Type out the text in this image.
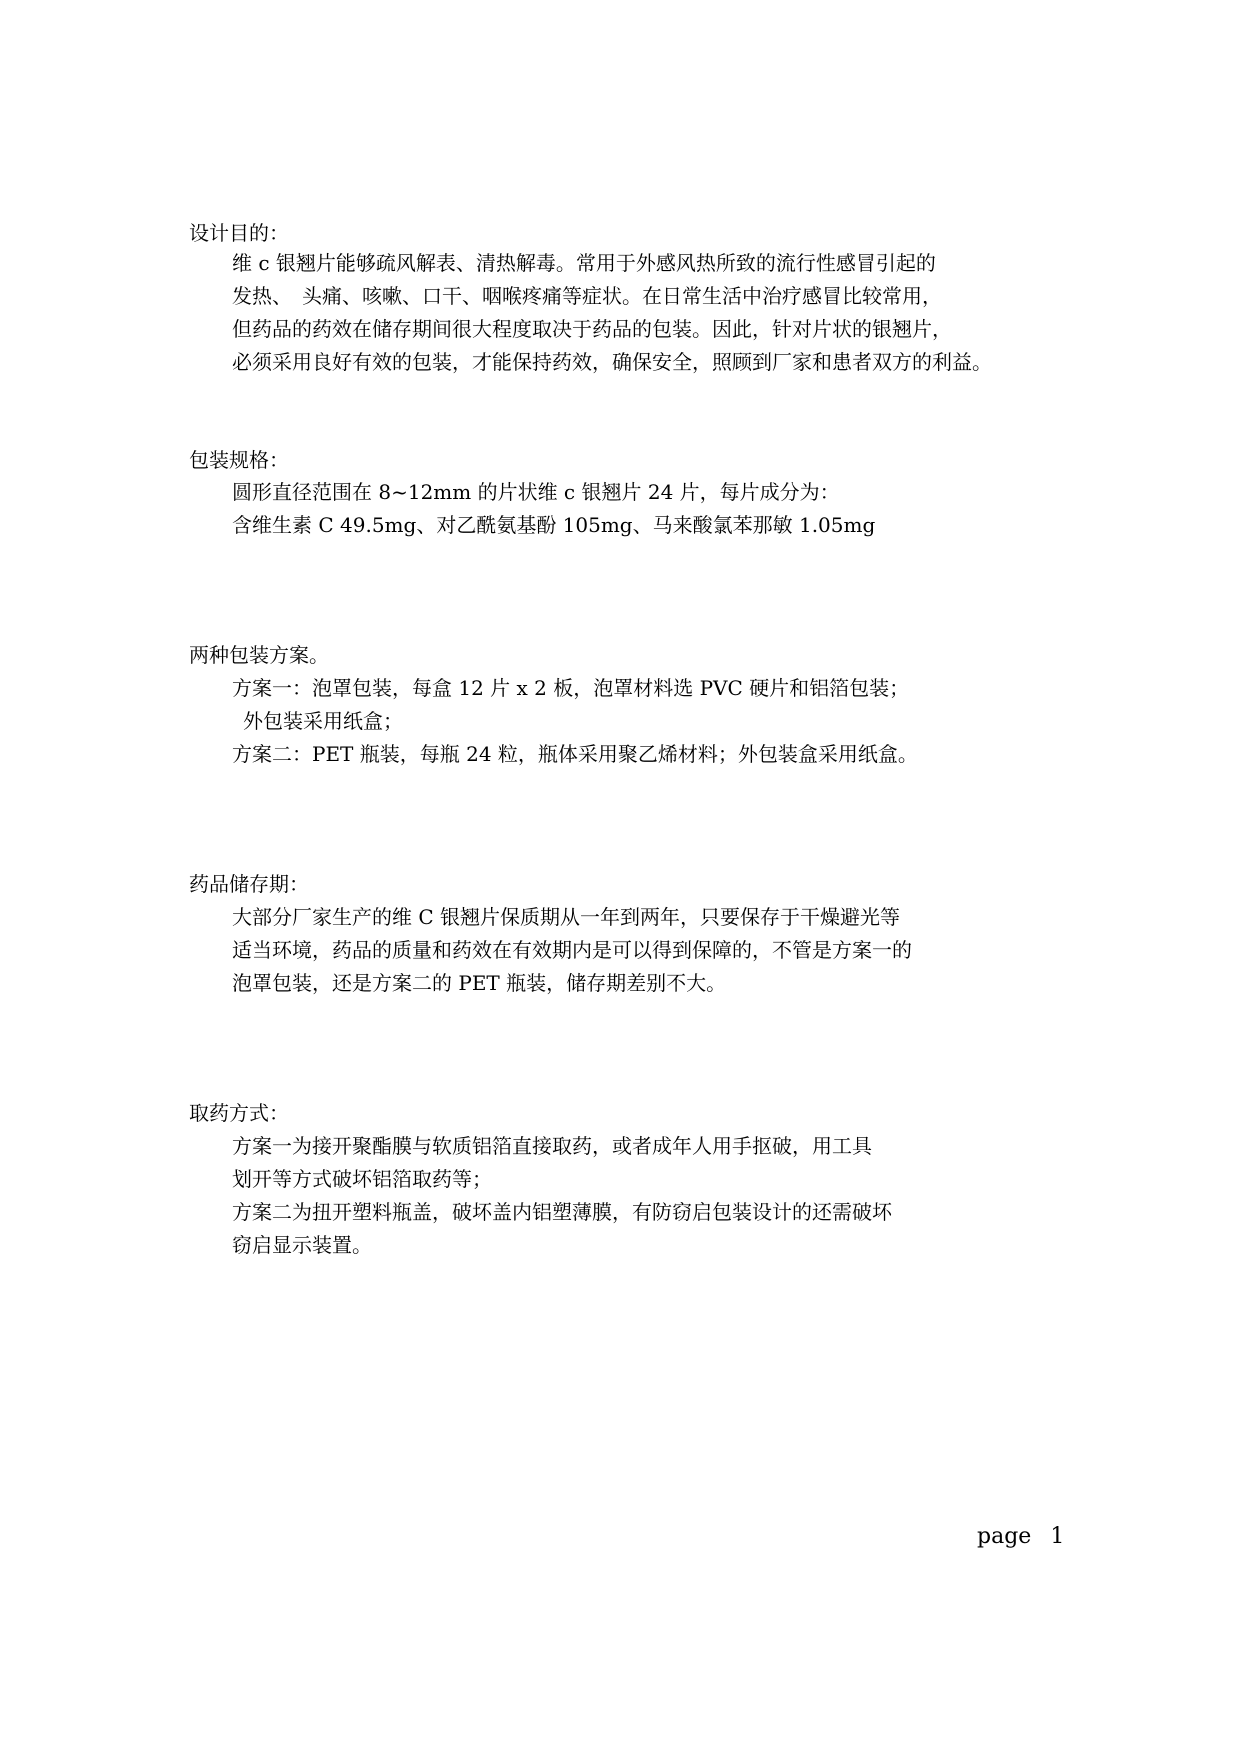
设计目的：
维 c 银翘片能够疏风解表、清热解毒。常用于外感风热所致的流行性感冒引起的
发热、　头痛、咳嗽、口干、咽喉疼痛等症状。在日常生活中治疗感冒比较常用，
但药品的药效在储存期间很大程度取决于药品的包装。因此，针对片状的银翘片，
必须采用良好有效的包装，才能保持药效，确保安全，照顾到厂家和患者双方的利益。
包装规格：
圆形直径范围在 8~12mm 的片状维 c 银翘片 24 片，每片成分为：
含维生素 C 49.5mg、对乙酰氨基酚 105mg、马来酸氯苯那敏 1.05mg
两种包装方案。
方案一：泡罩包装，每盒 12 片 x 2 板，泡罩材料选 PVC 硬片和铝箔包装；
外包装采用纸盒；
方案二：PET 瓶装，每瓶 24 粒，瓶体采用聚乙烯材料；外包装盒采用纸盒。
药品储存期：
大部分厂家生产的维 C 银翘片保质期从一年到两年，只要保存于干燥避光等
适当环境，药品的质量和药效在有效期内是可以得到保障的，不管是方案一的
泡罩包装，还是方案二的 PET 瓶装，储存期差别不大。
取药方式：
方案一为接开聚酯膜与软质铝箔直接取药，或者成年人用手抠破，用工具
划开等方式破坏铝箔取药等；
方案二为扭开塑料瓶盖，破坏盖内铝塑薄膜，有防窃启包装设计的还需破坏
窃启显示装置。
page 1
